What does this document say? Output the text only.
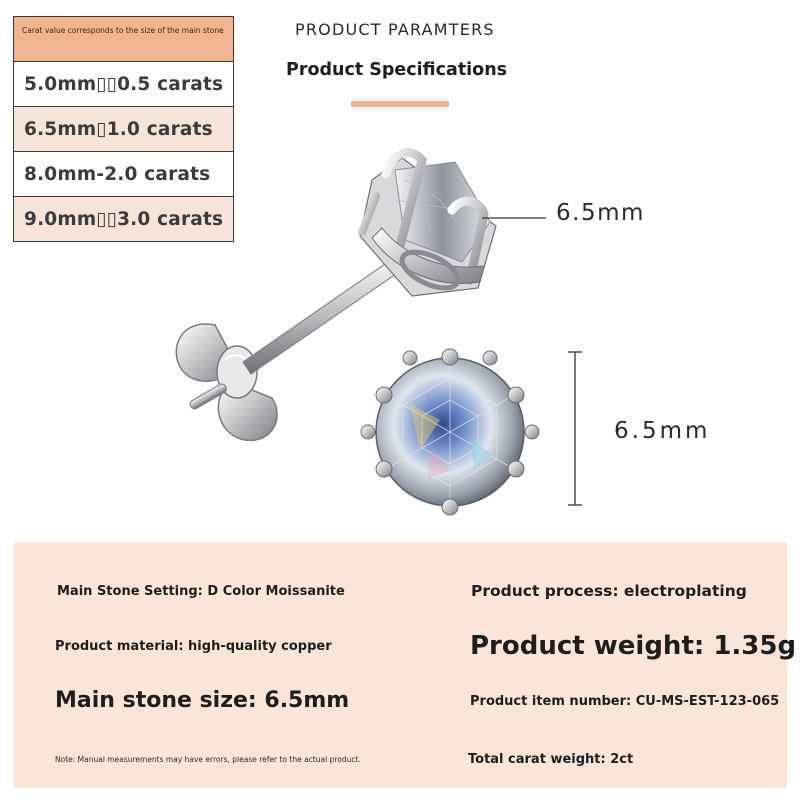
Carat value corresponds to the size of the main stone
5.0mm▯▯0.5 carats
6.5mm▯1.0 carats
8.0mm-2.0 carats
9.0mm▯▯3.0 carats
PRODUCT PARAMTERS
Product Specifications
6.5mm
6.5mm
Main Stone Setting: D Color Moissanite
Product material: high-quality copper
Main stone size: 6.5mm
Note: Manual measurements may have errors, please refer to the actual product.
Product process: electroplating
Product weight: 1.35g
Product item number: CU-MS-EST-123-065
Total carat weight: 2ct
